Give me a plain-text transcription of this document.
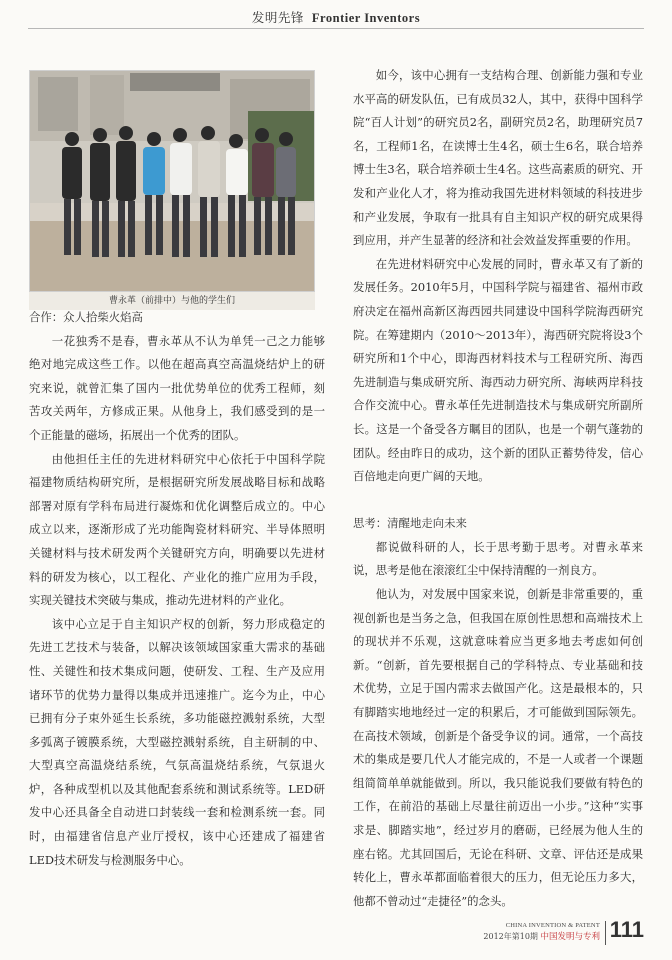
发明先锋 Frontier Inventors
曹永革（前排中）与他的学生们

合作：众人拾柴火焰高

一花独秀不是春，曹永革从不认为单凭一己之力能够绝对地完成这些工作。以他在超高真空高温烧结炉上的研究来说，就曾汇集了国内一批优势单位的优秀工程师，刻苦攻关两年，方修成正果。从他身上，我们感受到的是一个正能量的磁场，拓展出一个优秀的团队。

由他担任主任的先进材料研究中心依托于中国科学院福建物质结构研究所，是根据研究所发展战略目标和战略部署对原有学科布局进行凝炼和优化调整后成立的。中心成立以来，逐渐形成了光功能陶瓷材料研究、半导体照明关键材料与技术研发两个关键研究方向，明确要以先进材料的研发为核心，以工程化、产业化的推广应用为手段，实现关键技术突破与集成，推动先进材料的产业化。

该中心立足于自主知识产权的创新，努力形成稳定的先进工艺技术与装备，以解决该领域国家重大需求的基础性、关键性和技术集成问题，使研发、工程、生产及应用诸环节的优势力量得以集成并迅速推广。迄今为止，中心已拥有分子束外延生长系统，多功能磁控溅射系统，大型多弧离子镀膜系统，大型磁控溅射系统，自主研制的中、大型真空高温烧结系统，气氛高温烧结系统，气氛退火炉，各种成型机以及其他配套系统和测试系统等。LED研发中心还具备全自动进口封装线一套和检测系统一套。同时，由福建省信息产业厅授权，该中心还建成了福建省LED技术研发与检测服务中心。

如今，该中心拥有一支结构合理、创新能力强和专业水平高的研发队伍，已有成员32人，其中，获得中国科学院“百人计划”的研究员2名，副研究员2名，助理研究员7名，工程师1名，在读博士生4名，硕士生6名，联合培养博士生3名，联合培养硕士生4名。这些高素质的研究、开发和产业化人才，将为推动我国先进材料领域的科技进步和产业发展，争取有一批具有自主知识产权的研究成果得到应用，并产生显著的经济和社会效益发挥重要的作用。

在先进材料研究中心发展的同时，曹永革又有了新的发展任务。2010年5月，中国科学院与福建省、福州市政府决定在福州高新区海西园共同建设中国科学院海西研究院。在筹建期内（2010～2013年），海西研究院将设3个研究所和1个中心，即海西材料技术与工程研究所、海西先进制造与集成研究所、海西动力研究所、海峡两岸科技合作交流中心。曹永革任先进制造技术与集成研究所副所长。这是一个备受各方瞩目的团队，也是一个朝气蓬勃的团队。经由昨日的成功，这个新的团队正蓄势待发，信心百倍地走向更广阔的天地。

思考：清醒地走向未来

都说做科研的人，长于思考勤于思考。对曹永革来说，思考是他在滚滚红尘中保持清醒的一剂良方。

他认为，对发展中国家来说，创新是非常重要的，重视创新也是当务之急，但我国在原创性思想和高端技术上的现状并不乐观，这就意味着应当更多地去考虑如何创新。“创新，首先要根据自己的学科特点、专业基础和技术优势，立足于国内需求去做国产化。这是最根本的，只有脚踏实地地经过一定的积累后，才可能做到国际领先。在高技术领域，创新是个备受争议的词。通常，一个高技术的集成是要几代人才能完成的，不是一人或者一个课题组简简单单就能做到。所以，我只能说我们要做有特色的工作，在前沿的基础上尽量往前迈出一小步。”这种“实事求是、脚踏实地”，经过岁月的磨砺，已经展为他人生的座右铭。尤其回国后，无论在科研、文章、评估还是成果转化上，曹永革都面临着很大的压力，但无论压力多大，他都不曾动过“走捷径”的念头。

CHINA INVENTION & PATENT
2012年第10期 中国发明与专利 111
